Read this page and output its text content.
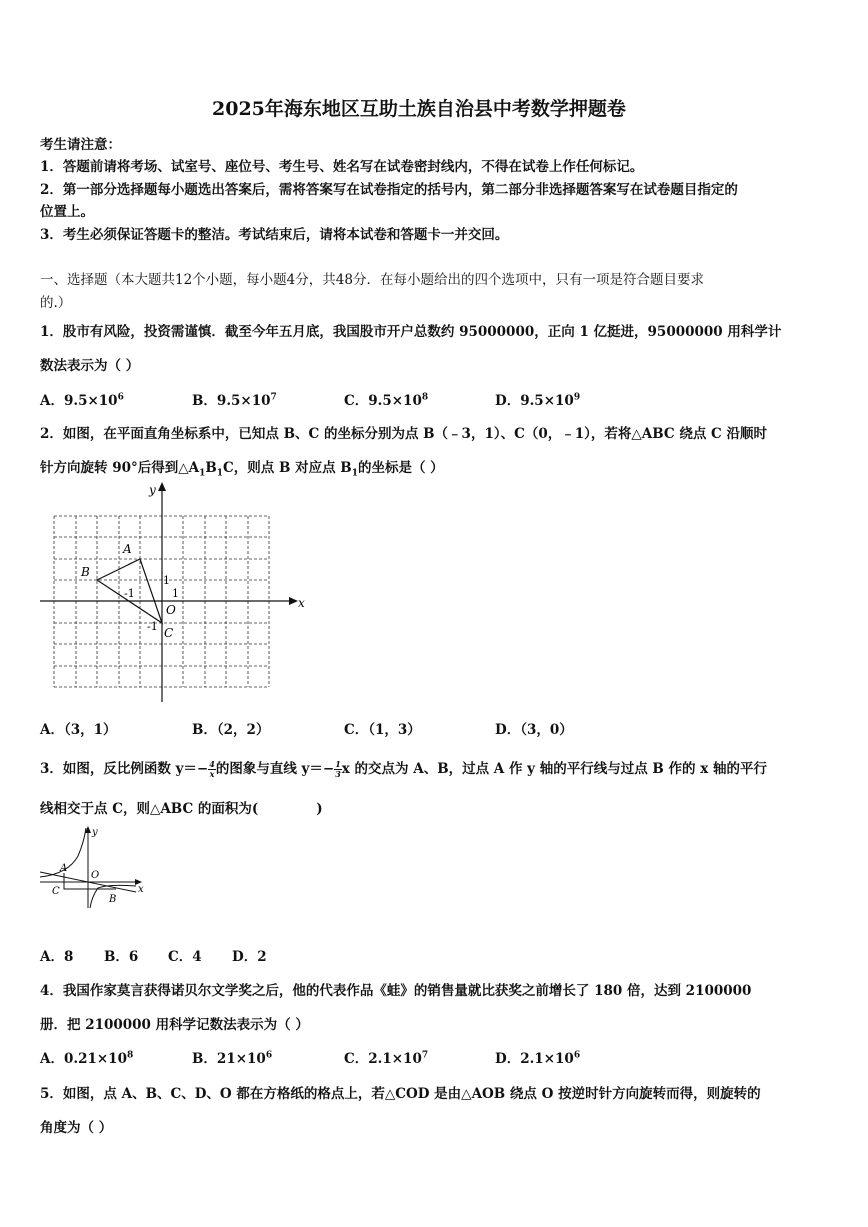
2025年海东地区互助土族自治县中考数学押题卷
考生请注意：
1．答题前请将考场、试室号、座位号、考生号、姓名写在试卷密封线内，不得在试卷上作任何标记。
2．第一部分选择题每小题选出答案后，需将答案写在试卷指定的括号内，第二部分非选择题答案写在试卷题目指定的
位置上。
3．考生必须保证答题卡的整洁。考试结束后，请将本试卷和答题卡一并交回。
一、选择题（本大题共12个小题，每小题4分，共48分．在每小题给出的四个选项中，只有一项是符合题目要求
的.）
1．股市有风险，投资需谨慎．截至今年五月底，我国股市开户总数约 95000000，正向 1 亿挺进，95000000 用科学计
数法表示为（ ）
A．$9.5\times 10^6$	B．$9.5\times 10^7$	C．$9.5\times 10^8$	D．$9.5\times 10^9$
2．如图，在平面直角坐标系中，已知点 B、C 的坐标分别为点 B（﹣3，1）、C（0，﹣1），若将△ABC 绕点 C 沿顺时
针方向旋转 90°后得到$\triangle A_1B_1C$，则点 B 对应点 $B_1$的坐标是（ ）
y
x
A
B
C
O
-1	1
1
-1
A．（3，1）	B．（2，2）	C．（1，3）	D．（3，0）
3．如图，反比例函数 $y=- \frac{4}{x}$ 的图象与直线 $y=- \frac{1}{3}$ x 的交点为 A、B，过点 A 作 y 轴的平行线与过点 B 作的 x 轴的平行
线相交于点 C，则△ABC 的面积为(	)
y
x
A
O
C
B
A．8 B．6 C．4 D．2
4．我国作家莫言获得诺贝尔文学奖之后，他的代表作品《蛙》的销售量就比获奖之前增长了 180 倍，达到 2100000
册．把 2100000 用科学记数法表示为（ ）
A．$0.21\times 10^8$	B．$21\times 10^6$	C．$2.1\times 10^7$	D．$2.1\times 10^6$
5．如图，点 A、B、C、D、O 都在方格纸的格点上，若△COD 是由△AOB 绕点 O 按逆时针方向旋转而得，则旋转的
角度为（ ）
